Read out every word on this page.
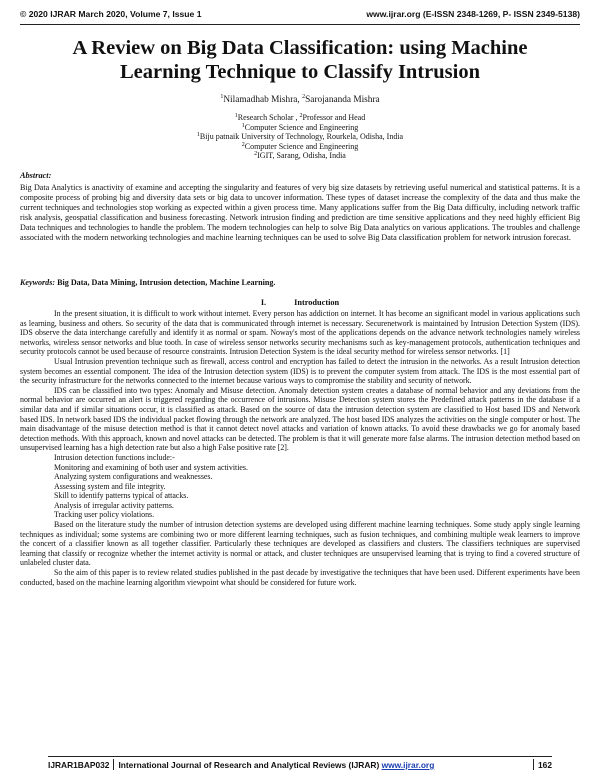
© 2020 IJRAR March 2020, Volume 7, Issue 1	www.ijrar.org (E-ISSN 2348-1269, P- ISSN 2349-5138)
A Review on Big Data Classification: using Machine
Learning Technique to Classify Intrusion
$^1$Nilamadhab Mishra, $^2$Sarojananda Mishra
$^1$Research Scholar , $^2$Professor and Head
$^1$Computer Science and Engineering
$^1$Biju patnaik University of Technology, Rourkela, Odisha, India
$^2$Computer Science and Engineering
$^2$IGIT, Sarang, Odisha, India
Abstract:
Big Data Analytics is anactivity of examine and accepting the singularity and features of very big size datasets by retrieving useful numerical and statistical patterns. It is a composite process of probing big and diversity data sets or big data to uncover information. These types of dataset increase the complexity of the data and thus make the current techniques and technologies stop working as expected within a given process time. Many applications suffer from the Big Data difficulty, including network traffic risk analysis, geospatial classification and business forecasting. Network intrusion finding and prediction are time sensitive applications and they need highly efficient Big Data techniques and technologies to handle the problem. The modern technologies can help to solve Big Data analytics on various applications. The troubles and challenge associated with the modern networking technologies and machine learning techniques can be used to solve Big Data classification problem for network intrusion forecast.
Keywords: Big Data, Data Mining, Intrusion detection, Machine Learning.
I.	Introduction

In the present situation, it is difficult to work without internet. Every person has addiction on internet. It has become an significant model in various applications such as learning, business and others. So security of the data that is communicated through internet is necessary. Securenetwork is maintained by Intrusion Detection System (IDS). IDS observe the data interchange carefully and identify it as normal or spam. Noway's most of the applications depends on the advance network technologies namely wireless networks, wireless sensor networks and blue tooth. In case of wireless sensor networks security mechanisms such as key-management protocols, authentication techniques and security protocols cannot be used because of resource constraints. Intrusion Detection System is the ideal security method for wireless sensor networks. [1]

Usual Intrusion prevention technique such as firewall, access control and encryption has failed to detect the intrusion in the networks. As a result Intrusion detection system becomes an essential component. The idea of the Intrusion detection system (IDS) is to prevent the computer system from attack. The IDS is the most essential part of the security infrastructure for the networks connected to the internet because various ways to compromise the stability and security of network.

IDS can be classified into two types: Anomaly and Misuse detection. Anomaly detection system creates a database of normal behavior and any deviations from the normal behavior are occurred an alert is triggered regarding the occurrence of intrusions. Misuse Detection system stores the Predefined attack patterns in the database if a similar data and if similar situations occur, it is classified as attack. Based on the source of data the intrusion detection system are classified to Host based IDS and Network based IDS. In network based IDS the individual packet flowing through the network are analyzed. The host based IDS analyzes the activities on the single computer or host. The main disadvantage of the misuse detection method is that it cannot detect novel attacks and variation of known attacks. To avoid these drawbacks we go for anomaly based detection methods. With this approach, known and novel attacks can be detected. The problem is that it will generate more false alarms. The intrusion detection method based on unsupervised learning has a high detection rate but also a high False positive rate [2].

Intrusion detection functions include:-

Monitoring and examining of both user and system activities.
Analyzing system configurations and weaknesses.
Assessing system and file integrity.
Skill to identify patterns typical of attacks.
Analysis of irregular activity patterns.
Tracking user policy violations.

Based on the literature study the number of intrusion detection systems are developed using different machine learning techniques. Some study apply single learning techniques as individual; some systems are combining two or more different learning techniques, such as fusion techniques, and combining multiple weak learners to improve the concert of a classifier known as all together classifier. Particularly these techniques are developed as classifiers and clusters. The classifiers techniques are supervised learning that classify or recognize whether the internet activity is normal or attack, and cluster techniques are unsupervised learning that is trying to find a covered structure of unlabeled cluster data.

So the aim of this paper is to review related studies published in the past decade by investigative the techniques that have been used. Different experiments have been conducted, based on the machine learning algorithm viewpoint what should be considered for future work.

IJRAR1BAP032 International Journal of Research and Analytical Reviews (IJRAR) www.ijrar.org	162
